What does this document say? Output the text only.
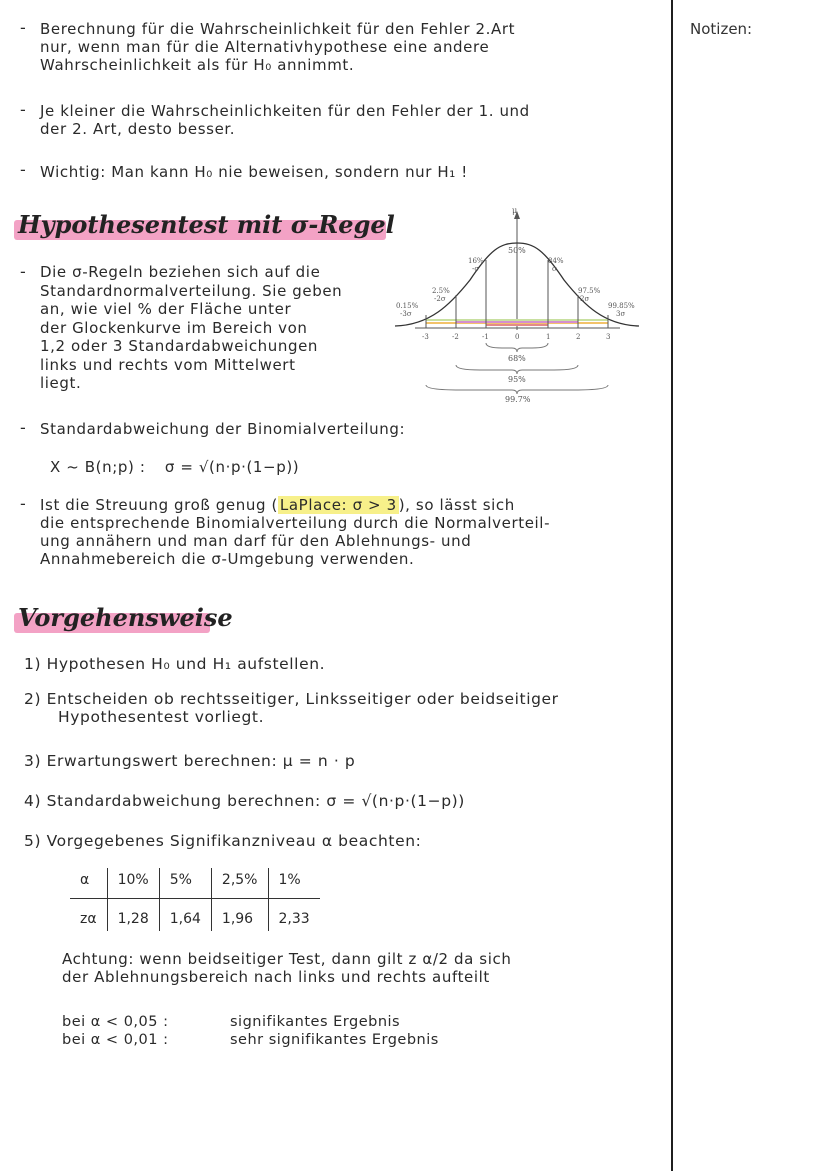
Notizen:
- Berechnung für die Wahrscheinlichkeit für den Fehler 2.Art
nur, wenn man für die Alternativhypothese eine andere
Wahrscheinlichkeit als für H₀ annimmt.
- Je kleiner die Wahrscheinlichkeiten für den Fehler der 1. und
der 2. Art, desto besser.
- Wichtig: Man kann H₀ nie beweisen, sondern nur H₁ !
Hypothesentest mit σ-Regel
- Die σ-Regeln beziehen sich auf die
Standardnormalverteilung. Sie geben
an, wie viel % der Fläche unter
der Glockenkurve im Bereich von
1,2 oder 3 Standardabweichungen
links und rechts vom Mittelwert
liegt.
μ
50%
16%
-σ
84%
σ
2.5%
-2σ
97.5%
2σ
0.15%
-3σ
99.85%
3σ
-3	-2	-1	0	1	2	3
68%
95%
99.7%
- Standardabweichung der Binomialverteilung:
X ~ B(n;p) : σ = √(n·p·(1−p))
- Ist die Streuung groß genug ( LaPlace: σ > 3 ), so lässt sich
die entsprechende Binomialverteilung durch die Normalverteil-
ung annähern und man darf für den Ablehnungs- und
Annahmebereich die σ-Umgebung verwenden.
Vorgehensweise
1) Hypothesen H₀ und H₁ aufstellen.
2) Entscheiden ob rechtsseitiger, Linksseitiger oder beidseitiger
Hypothesentest vorliegt.
3) Erwartungswert berechnen: μ = n · p
4) Standardabweichung berechnen: σ = √(n·p·(1−p))
5) Vorgegebenes Signifikanzniveau α beachten:
α	10%	5%	2,5%	1%
zα	1,28	1,64	1,96	2,33
Achtung: wenn beidseitiger Test, dann gilt z α/2 da sich
der Ablehnungsbereich nach links und rechts aufteilt
bei α < 0,05 :	signifikantes Ergebnis
bei α < 0,01 :	sehr signifikantes Ergebnis
